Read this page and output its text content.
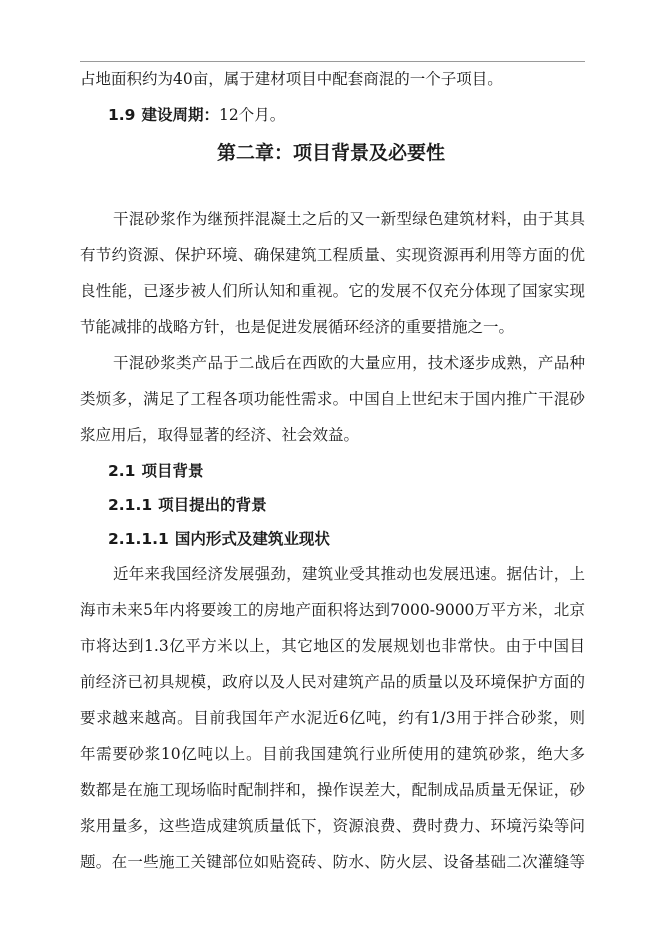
占地面积约为40亩，属于建材项目中配套商混的一个子项目。
1.9 建设周期：12个月。
第二章：项目背景及必要性
干混砂浆作为继预拌混凝土之后的又一新型绿色建筑材料，由于其具
有节约资源、保护环境、确保建筑工程质量、实现资源再利用等方面的优
良性能，已逐步被人们所认知和重视。它的发展不仅充分体现了国家实现
节能减排的战略方针，也是促进发展循环经济的重要措施之一。
干混砂浆类产品于二战后在西欧的大量应用，技术逐步成熟，产品种
类烦多，满足了工程各项功能性需求。中国自上世纪末于国内推广干混砂
浆应用后，取得显著的经济、社会效益。
2.1 项目背景
2.1.1 项目提出的背景
2.1.1.1 国内形式及建筑业现状
近年来我国经济发展强劲，建筑业受其推动也发展迅速。据估计，上
海市未来5年内将要竣工的房地产面积将达到7000-9000万平方米，北京
市将达到1.3亿平方米以上，其它地区的发展规划也非常快。由于中国目
前经济已初具规模，政府以及人民对建筑产品的质量以及环境保护方面的
要求越来越高。目前我国年产水泥近6亿吨，约有1/3用于拌合砂浆，则
年需要砂浆10亿吨以上。目前我国建筑行业所使用的建筑砂浆，绝大多
数都是在施工现场临时配制拌和，操作误差大，配制成品质量无保证，砂
浆用量多，这些造成建筑质量低下，资源浪费、费时费力、环境污染等问
题。在一些施工关键部位如贴瓷砖、防水、防火层、设备基础二次灌缝等
